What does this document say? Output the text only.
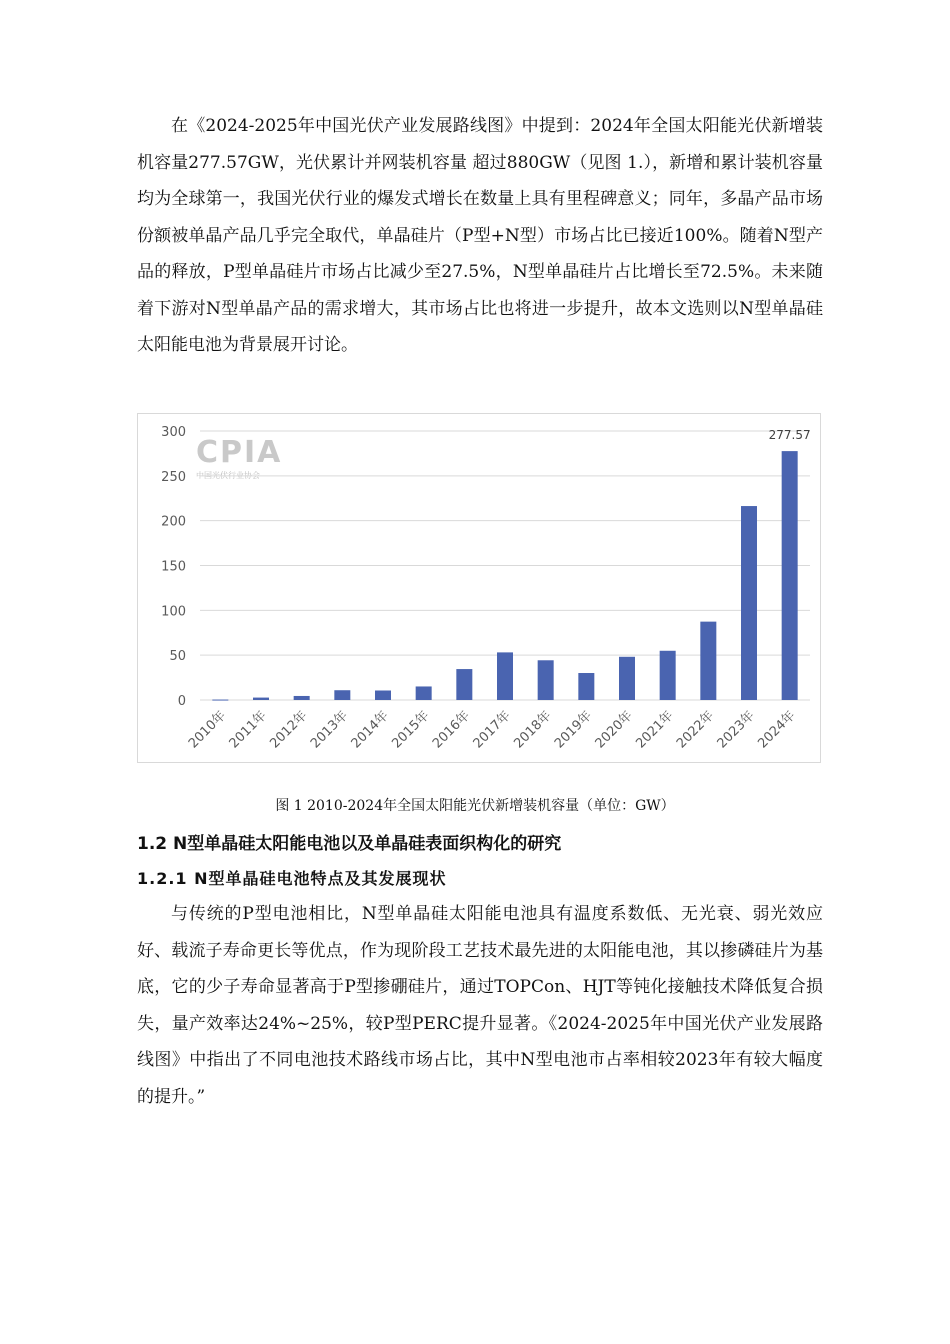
在《2024-2025年中国光伏产业发展路线图》中提到：2024年全国太阳能光伏新增装机容量277.57GW，光伏累计并网装机容量 超过880GW（见图 1.），新增和累计装机容量均为全球第一，我国光伏行业的爆发式增长在数量上具有里程碑意义；同年，多晶产品市场份额被单晶产品几乎完全取代，单晶硅片（P型+N型）市场占比已接近100%。随着N型产品的释放，P型单晶硅片市场占比减少至27.5%，N型单晶硅片占比增长至72.5%。未来随着下游对N型单晶产品的需求增大，其市场占比也将进一步提升，故本文选则以N型单晶硅太阳能电池为背景展开讨论。

CPIA
中国光伏行业协会
0
50
100
150
200
250
300	277.57
2010年
2011年
2012年
2013年
2014年
2015年
2016年
2017年
2018年
2019年
2020年
2021年
2022年
2023年
2024年

图 1 2010-2024年全国太阳能光伏新增装机容量（单位：GW）

1.2 N型单晶硅太阳能电池以及单晶硅表面织构化的研究

1.2.1 N型单晶硅电池特点及其发展现状

与传统的P型电池相比，N型单晶硅太阳能电池具有温度系数低、无光衰、弱光效应好、载流子寿命更长等优点，作为现阶段工艺技术最先进的太阳能电池，其以掺磷硅片为基底，它的少子寿命显著高于P型掺硼硅片，通过TOPCon、HJT等钝化接触技术降低复合损失，量产效率达24%~25%，较P型PERC提升显著。《2024-2025年中国光伏产业发展路线图》中指出了不同电池技术路线市场占比，其中N型电池市占率相较2023年有较大幅度的提升。”
